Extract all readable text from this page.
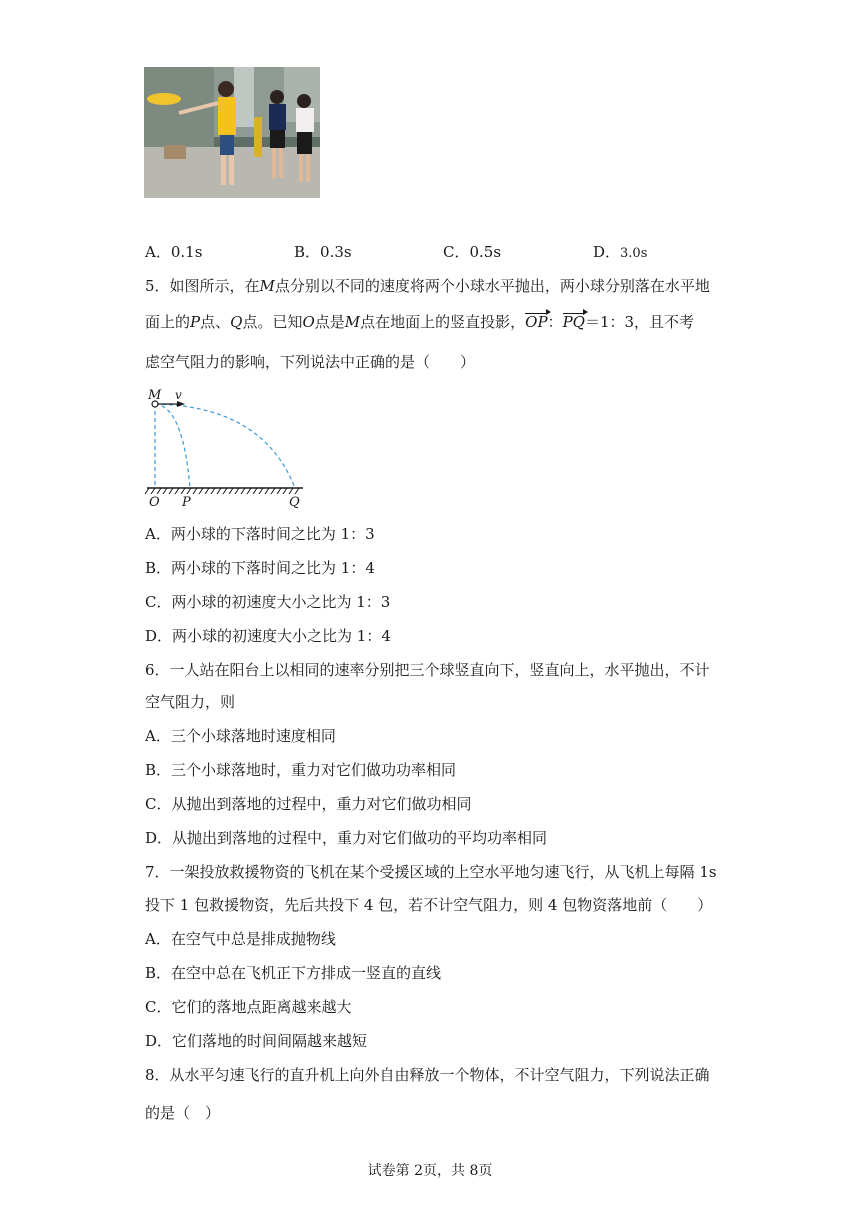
A．0.1s	B．0.3s	C．0.5s	D．3.0s
5．如图所示，在M点分别以不同的速度将两个小球水平抛出，两小球分别落在水平地
面上的P点、Q点。已知O点是M点在地面上的竖直投影，OP：PQ＝1：3，且不考
虑空气阻力的影响，下列说法中正确的是（　　）
M v
O P	Q
A．两小球的下落时间之比为 1：3
B．两小球的下落时间之比为 1：4
C．两小球的初速度大小之比为 1：3
D．两小球的初速度大小之比为 1：4
6．一人站在阳台上以相同的速率分别把三个球竖直向下，竖直向上，水平抛出，不计
空气阻力，则
A．三个小球落地时速度相同
B．三个小球落地时，重力对它们做功功率相同
C．从抛出到落地的过程中，重力对它们做功相同
D．从抛出到落地的过程中，重力对它们做功的平均功率相同
7．一架投放救援物资的飞机在某个受援区域的上空水平地匀速飞行，从飞机上每隔 1s
投下 1 包救援物资，先后共投下 4 包，若不计空气阻力，则 4 包物资落地前（　　）
A．在空气中总是排成抛物线
B．在空中总在飞机正下方排成一竖直的直线
C．它们的落地点距离越来越大
D．它们落地的时间间隔越来越短
8．从水平匀速飞行的直升机上向外自由释放一个物体，不计空气阻力，下列说法正确
的是（　）
试卷第 2页，共 8页
